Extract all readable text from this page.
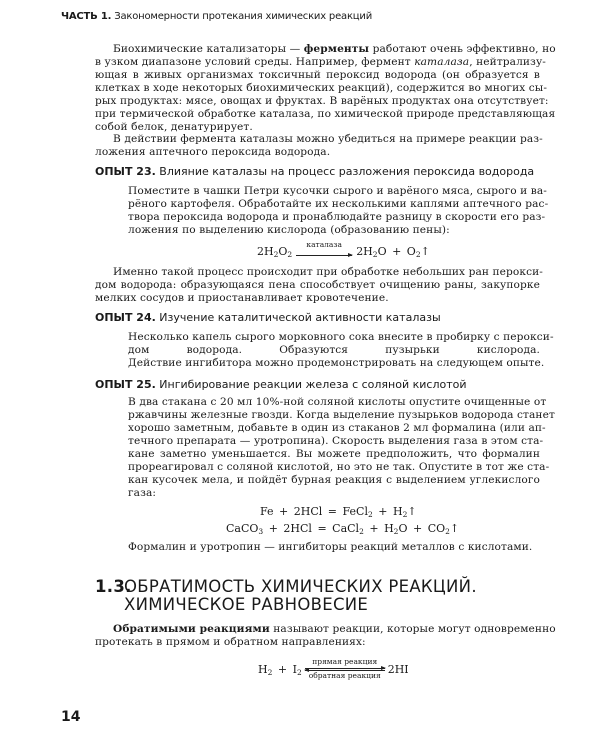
ЧАСТЬ 1. Закономерности протекания химических реакций
Биохимические катализаторы — ферменты работают очень эффективно, но
в узком диапазоне условий среды. Например, фермент каталаза, нейтрализу-
ющая в живых организмах токсичный пероксид водорода (он образуется в
клетках в ходе некоторых биохимических реакций), содержится во многих сы-
рых продуктах: мясе, овощах и фруктах. В варёных продуктах она отсутствует:
при термической обработке каталаза, по химической природе представляющая
собой белок, денатурирует.
В действии фермента каталазы можно убедиться на примере реакции раз-
ложения аптечного пероксида водорода.
ОПЫТ 23. Влияние каталазы на процесс разложения пероксида водорода
Поместите в чашки Петри кусочки сырого и варёного мяса, сырого и ва-
рёного картофеля. Обработайте их несколькими каплями аптечного рас-
твора пероксида водорода и пронаблюдайте разницу в скорости его раз-
ложения по выделению кислорода (образованию пены):
$2H_2O_2$
каталаза
$2H_2O$ + $O_2↑$
Именно такой процесс происходит при обработке небольших ран перокси-
дом водорода: образующаяся пена способствует очищению раны, закупорке
мелких сосудов и приостанавливает кровотечение.
ОПЫТ 24. Изучение каталитической активности каталазы
Несколько капель сырого морковного сока внесите в пробирку с перокси-
дом водорода. Образуются пузырьки кислорода.
Действие ингибитора можно продемонстрировать на следующем опыте.
ОПЫТ 25. Ингибирование реакции железа с соляной кислотой
В два стакана с 20 мл 10%-ной соляной кислоты опустите очищенные от
ржавчины железные гвозди. Когда выделение пузырьков водорода станет
хорошо заметным, добавьте в один из стаканов 2 мл формалина (или ап-
течного препарата — уротропина). Скорость выделения газа в этом ста-
кане заметно уменьшается. Вы можете предположить, что формалин
прореагировал с соляной кислотой, но это не так. Опустите в тот же ста-
кан кусочек мела, и пойдёт бурная реакция с выделением углекислого
газа:
Fe + 2HCl = FeCl$_2$ + $H_2↑$
CaCO$_3$ + 2HCl = CaCl$_2$ + $H_2O$ + $CO_2↑$
Формалин и уротропин — ингибиторы реакций металлов с кислотами.
1.3.ОБРАТИМОСТЬ ХИМИЧЕСКИХ РЕАКЦИЙ.
ХИМИЧЕСКОЕ РАВНОВЕСИЕ
Обратимыми реакциями называют реакции, которые могут одновременно
протекать в прямом и обратном направлениях:
$H_2$ + $I_2$
прямая реакция
обратная реакция 2HI
14
